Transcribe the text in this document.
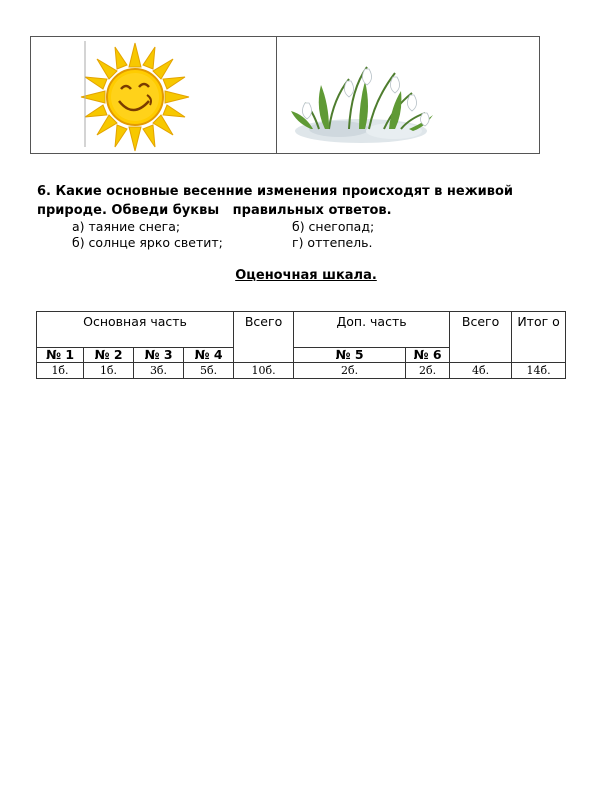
6. Какие основные весенние изменения происходят в неживой
природе. Обведи буквы   правильных ответов.
а) таяние снега;	б) снегопад;
б) солнце ярко светит;	г) оттепель.
Оценочная шкала.
Основная часть				Всего	Доп. часть		Всего	Итог о
№ 1	№ 2	№ 3	№ 4		№ 5	№ 6		
1б.	1б.	3б.	5б.	10б.	2б.	2б.	4б.	14б.
